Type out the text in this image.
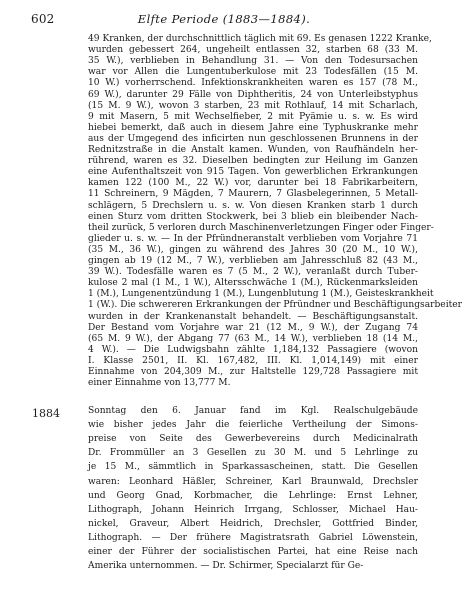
602	Elfte Periode (1883—1884).
49 Kranken, der durchschnittlich täglich mit 69. Es genasen 1222 Kranke,
wurden gebessert 264, ungeheilt entlassen 32, starben 68 (33 M.
35 W.), verblieben in Behandlung 31. — Von den Todesursachen
war vor Allen die Lungentuberkulose mit 23 Todesfällen (15 M.
10 W.) vorherrschend. Infektionskrankheiten waren es 157 (78 M.,
69 W.), darunter 29 Fälle von Diphtheritis, 24 von Unterleibstyphus
(15 M. 9 W.), wovon 3 starben, 23 mit Rothlauf, 14 mit Scharlach,
9 mit Masern, 5 mit Wechselfieber, 2 mit Pyämie u. s. w. Es wird
hiebei bemerkt, daß auch in diesem Jahre eine Typhuskranke mehr
aus der Umgegend des inficirten nun geschlossenen Brunnens in der
Rednitzstraße in die Anstalt kamen. Wunden, von Raufhändeln her-
rührend, waren es 32. Dieselben bedingten zur Heilung im Ganzen
eine Aufenthaltszeit von 915 Tagen. Von gewerblichen Erkrankungen
kamen 122 (100 M., 22 W.) vor, darunter bei 18 Fabrikarbeitern,
11 Schreinern, 9 Mägden, 7 Maurern, 7 Glasbelegerinnen, 5 Metall-
schlägern, 5 Drechslern u. s. w. Von diesen Kranken starb 1 durch
einen Sturz vom dritten Stockwerk, bei 3 blieb ein bleibender Nach-
theil zurück, 5 verloren durch Maschinenverletzungen Finger oder Finger-
glieder u. s. w. — In der Pfründneranstalt verblieben vom Vorjahre 71
(35 M., 36 W.), gingen zu während des Jahres 30 (20 M., 10 W.),
gingen ab 19 (12 M., 7 W.), verblieben am Jahresschluß 82 (43 M.,
39 W.). Todesfälle waren es 7 (5 M., 2 W.), veranlaßt durch Tuber-
kulose 2 mal (1 M., 1 W.), Altersschwäche 1 (M.), Rückenmarksleiden
1 (M.), Lungenentzündung 1 (M.), Lungenblutung 1 (M.), Geisteskrankheit
1 (W.). Die schwereren Erkrankungen der Pfründner und Beschäftigungsarbeiter
wurden in der Krankenanstalt behandelt. — Beschäftigungsanstalt.
Der Bestand vom Vorjahre war 21 (12 M., 9 W.), der Zugang 74
(65 M. 9 W.), der Abgang 77 (63 M., 14 W.), verblieben 18 (14 M.,
4 W.). — Die Ludwigsbahn zählte 1,184,132 Passagiere (wovon
I. Klasse 2501, II. Kl. 167,482, III. Kl. 1,014,149) mit einer
Einnahme von 204,309 M., zur Haltstelle 129,728 Passagiere mit
einer Einnahme von 13,777 M.
1884	Sonntag den 6. Januar fand im Kgl. Realschulgebäude
wie bisher jedes Jahr die feierliche Vertheilung der Simons-
preise von Seite des Gewerbevereins durch Medicinalrath
Dr. Frommüller an 3 Gesellen zu 30 M. und 5 Lehrlinge zu
je 15 M., sämmtlich in Sparkassascheinen, statt. Die Gesellen
waren: Leonhard Häßler, Schreiner, Karl Braunwald, Drechsler
und Georg Gnad, Korbmacher, die Lehrlinge: Ernst Lehner,
Lithograph, Johann Heinrich Irrgang, Schlosser, Michael Hau-
nickel, Graveur, Albert Heidrich, Drechsler, Gottfried Binder,
Lithograph. — Der frühere Magistratsrath Gabriel Löwenstein,
einer der Führer der socialistischen Partei, hat eine Reise nach
Amerika unternommen. — Dr. Schirmer, Specialarzt für Ge-
